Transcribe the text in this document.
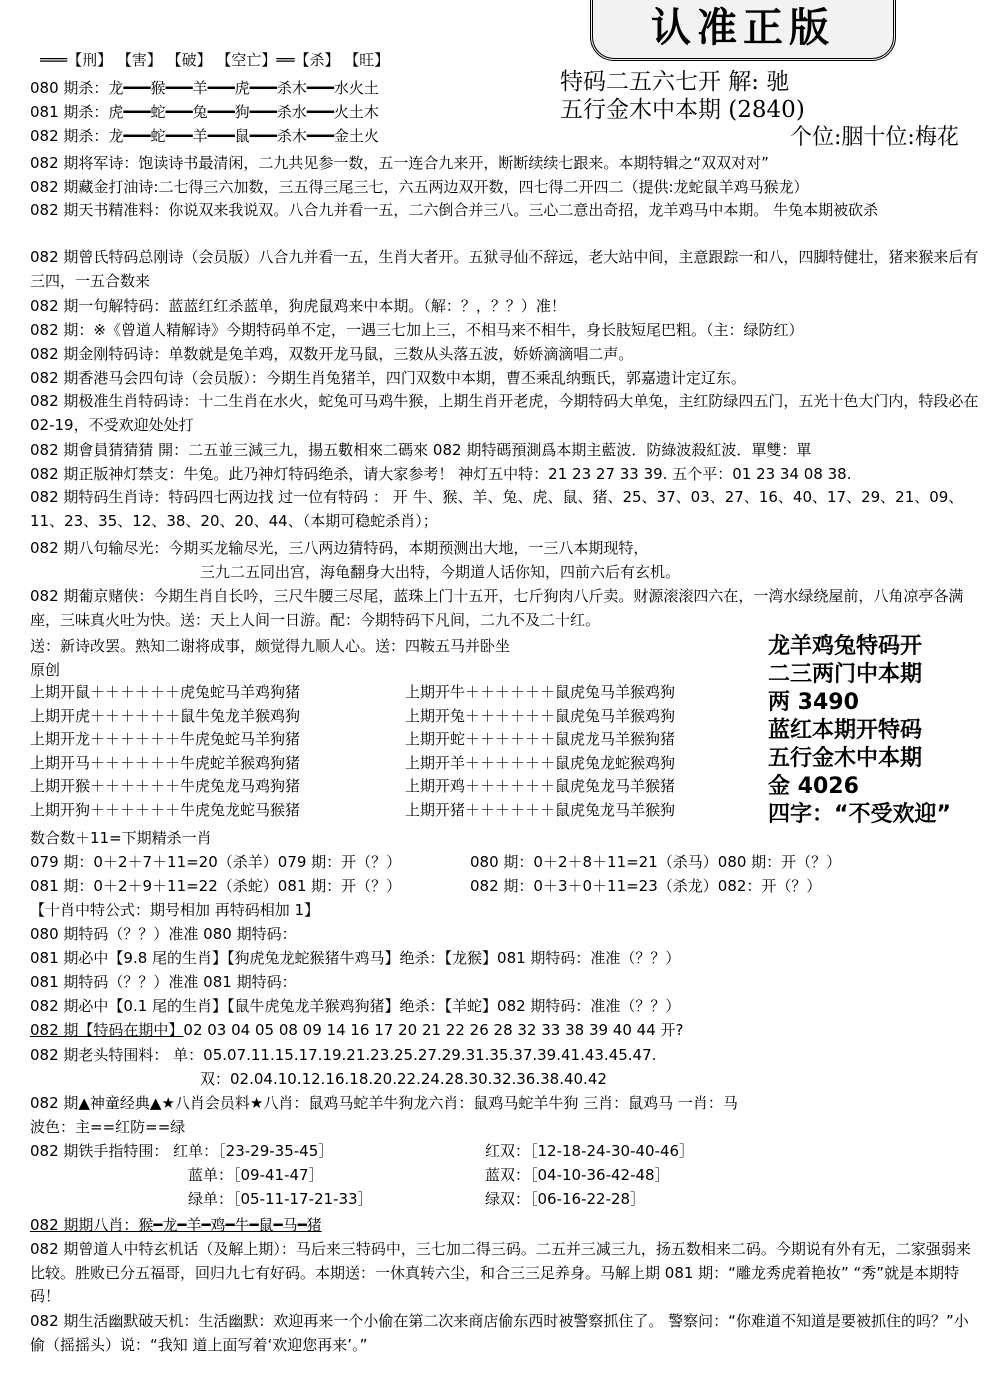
认准正版
特码二五六七开 解: 驰
五行金木中本期 (2840)
个位:胭十位:梅花
═══【刑】 【害】 【破】 【空亡】══【杀】 【旺】
080 期杀：龙━━━猴━━━羊━━━虎━━━杀木━━━水火土
081 期杀：虎━━━蛇━━━兔━━━狗━━━杀水━━━火土木
082 期杀：龙━━━蛇━━━羊━━━鼠━━━杀木━━━金土火
082 期将军诗：饱读诗书最清闲，二九共见参一数，五一连合九来开，断断续续七跟来。本期特辑之“双双对对”
082 期藏金打油诗:二七得三六加数，三五得三尾三七，六五两边双开数，四七得二开四二（提供:龙蛇鼠羊鸡马猴龙）
082 期天书精准料：你说双来我说双。八合九并看一五，二六倒合并三八。三心二意出奇招，龙羊鸡马中本期。 牛兔本期被砍杀
082 期曾氏特码总刚诗（会员版）八合九并看一五，生肖大者开。五狱寻仙不辞远，老大站中间，主意跟踪一和八，四脚特健壮，猪来猴来后有三四，一五合数来
082 期一句解特码：蓝蓝红红杀蓝单，狗虎鼠鸡来中本期。（解：？，？？）准！
082 期：※《曾道人精解诗》今期特码单不定，一遇三七加上三，不相马来不相牛，身长肢短尾巴粗。（主：绿防红）
082 期金刚特码诗：单数就是兔羊鸡，双数开龙马鼠，三数从头落五波，娇娇滴滴唱二声。
082 期香港马会四句诗（会员版）：今期生肖兔猪羊，四门双数中本期，曹丕乘乱纳甄氏，郭嘉遗计定辽东。
082 期极准生肖特码诗：十二生肖在水火，蛇兔可马鸡牛猴，上期生肖开老虎，今期特码大单兔，主红防绿四五门，五光十色大门内，特段必在 02-19，不受欢迎处处打
082 期會員猜猜猜 開：二五並三減三九，揚五數相來二碼來 082 期特碼預測爲本期主藍波．防綠波殺紅波．單雙：單
082 期正版神灯禁支：牛兔。此乃神灯特码绝杀，请大家参考！ 神灯五中特：21 23 27 33 39. 五个平：01 23 34 08 38.
082 期特码生肖诗：特码四七两边找 过一位有特码 ： 开 牛、猴、羊、兔、虎、鼠、猪、25、37、03、27、16、40、17、29、21、09、11、23、35、12、38、20、20、44、（本期可稳蛇杀肖）；
082 期八句输尽光：今期买龙输尽光，三八两边猜特码，本期预测出大地，一三八本期现特，
三九二五同出宫，海龟翻身大出特，今期道人话你知，四前六后有玄机。
082 期葡京赌侠：今期生肖自长吟，三尺牛腰三尽尾，蓝珠上门十五开，七斤狗肉八斤卖。财源滚滚四六在，一湾水绿绕屋前，八角凉亭各满座，三味真火吐为快。送：天上人间一日游。配：今期特码下凡间，二九不及二十红。
送：新诗改罢。熟知二谢将成事，颇觉得九顺人心。送：四鞍五马并卧坐
原创
上期开鼠＋＋＋＋＋＋虎兔蛇马羊鸡狗猪
上期开虎＋＋＋＋＋＋鼠牛兔龙羊猴鸡狗
上期开龙＋＋＋＋＋＋牛虎兔蛇马羊狗猪
上期开马＋＋＋＋＋＋牛虎蛇羊猴鸡狗猪
上期开猴＋＋＋＋＋＋牛虎兔龙马鸡狗猪
上期开狗＋＋＋＋＋＋牛虎兔龙蛇马猴猪
上期开牛＋＋＋＋＋＋鼠虎兔马羊猴鸡狗
上期开兔＋＋＋＋＋＋鼠虎兔马羊猴鸡狗
上期开蛇＋＋＋＋＋＋鼠虎龙马羊猴狗猪
上期开羊＋＋＋＋＋＋鼠虎兔龙蛇猴鸡狗
上期开鸡＋＋＋＋＋＋鼠虎兔龙马羊猴猪
上期开猪＋＋＋＋＋＋鼠虎兔龙马羊猴狗
龙羊鸡兔特码开
二三两门中本期
两 3490
蓝红本期开特码
五行金木中本期
金 4026
四字：“不受欢迎”
数合数＋11=下期精杀一肖
079 期：0＋2＋7＋11=20（杀羊）079 期：开（？）	080 期：0＋2＋8＋11=21（杀马）080 期：开（？）
081 期：0＋2＋9＋11=22（杀蛇）081 期：开（？）	082 期：0＋3＋0＋11=23（杀龙）082：开（？）
【十肖中特公式：期号相加 再特码相加 1】
080 期特码（？？）准准 080 期特码：
081 期必中【9.8 尾的生肖】【狗虎兔龙蛇猴猪牛鸡马】绝杀：【龙猴】081 期特码：准准（？？）
081 期特码（？？）准准 081 期特码：
082 期必中【0.1 尾的生肖】【鼠牛虎兔龙羊猴鸡狗猪】绝杀：【羊蛇】082 期特码：准准（？？）
082 期【特码在期中】02 03 04 05 08 09 14 16 17 20 21 22 26 28 32 33 38 39 40 44 开?
082 期老头特围料： 单：05.07.11.15.17.19.21.23.25.27.29.31.35.37.39.41.43.45.47.
双：02.04.10.12.16.18.20.22.24.28.30.32.36.38.40.42
082 期▲神童经典▲★八肖会员料★八肖：鼠鸡马蛇羊牛狗龙六肖：鼠鸡马蛇羊牛狗 三肖：鼠鸡马 一肖：马
波色：主==红防==绿
082 期铁手指特围： 红单：［23-29-35-45］	红双：［12-18-24-30-40-46］
蓝单：［09-41-47］	蓝双：［04-10-36-42-48］
绿单：［05-11-17-21-33］	绿双：［06-16-22-28］
082 期期八肖：猴━龙━羊━鸡━牛━鼠━马━猪
082 期曾道人中特玄机话（及解上期）：马后来三特码中，三七加二得三码。二五并三减三九，扬五数相来二码。今期说有外有无，二家强弱来比较。胜败已分五福哥，回归九七有好码。本期送：一休真转六尘，和合三三足养身。马解上期 081 期：“雕龙秀虎着艳妆” “秀”就是本期特码！
082 期生活幽默破天机：生活幽默：欢迎再来一个小偷在第二次来商店偷东西时被警察抓住了。 警察问：“你难道不知道是要被抓住的吗？”小偷（摇摇头）说：“我知 道上面写着‘欢迎您再来’。”
